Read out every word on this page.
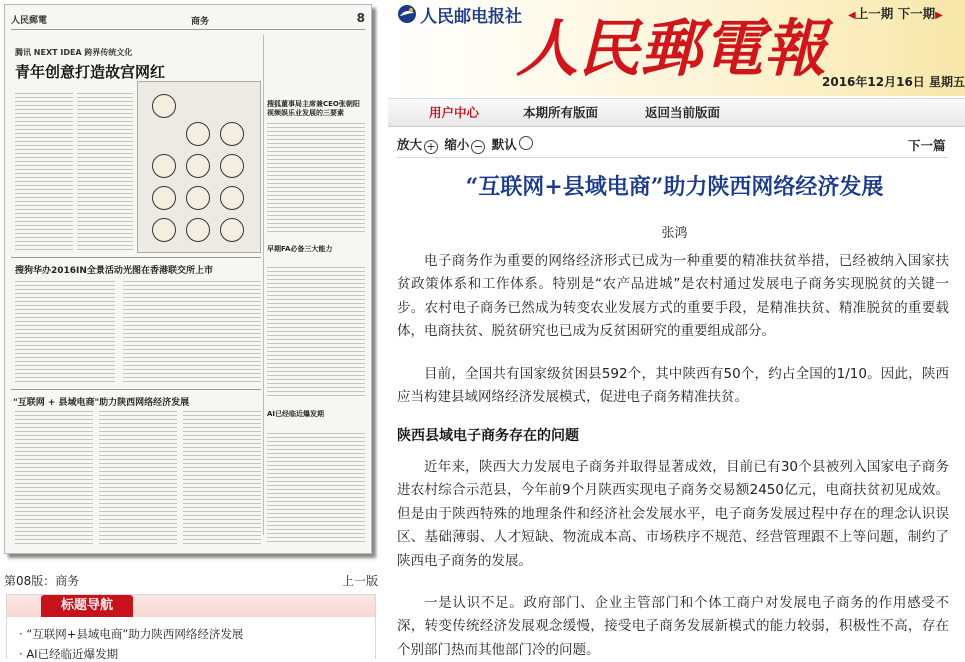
人民郵電	商务	8
腾讯 NEXT IDEA 跨界传统文化
青年创意打造故宫网红
搜狐董事局主席兼CEO张朝阳 视频娱乐业发展的三要素
早期FA必备三大能力
搜狗华办2016IN全景活动 光图在香港联交所上市
"互联网 + 县域电商"助力陕西网络经济发展
AI已经临近爆发期
第08版：商务	上一版
标题导航
· “互联网+县域电商”助力陕西网络经济发展
· AI已经临近爆发期
人民邮电报社
人民郵電報
2016年12月16日 星期五
用户中心	本期所有版面	返回当前版面
◀上一期 下一期▶
放大 + 缩小 − 默认	下一篇
“互联网+县域电商”助力陕西网络经济发展
张鸿

电子商务作为重要的网络经济形式已成为一种重要的精准扶贫举措，已经被纳入国家扶贫政策体系和工作体系。特别是“农产品进城”是农村通过发展电子商务实现脱贫的关键一步。农村电子商务已然成为转变农业发展方式的重要手段，是精准扶贫、精准脱贫的重要载体，电商扶贫、脱贫研究也已成为反贫困研究的重要组成部分。

目前，全国共有国家级贫困县592个，其中陕西有50个，约占全国的1/10。因此，陕西应当构建县域网络经济发展模式，促进电子商务精准扶贫。

陕西县域电子商务存在的问题

近年来，陕西大力发展电子商务并取得显著成效，目前已有30个县被列入国家电子商务进农村综合示范县，今年前9个月陕西实现电子商务交易额2450亿元，电商扶贫初见成效。但是由于陕西特殊的地理条件和经济社会发展水平，电子商务发展过程中存在的理念认识误区、基础薄弱、人才短缺、物流成本高、市场秩序不规范、经营管理跟不上等问题，制约了陕西电子商务的发展。

一是认识不足。政府部门、企业主管部门和个体工商户对发展电子商务的作用感受不深，转变传统经济发展观念缓慢，接受电子商务发展新模式的能力较弱，积极性不高，存在个别部门热而其他部门冷的问题。
